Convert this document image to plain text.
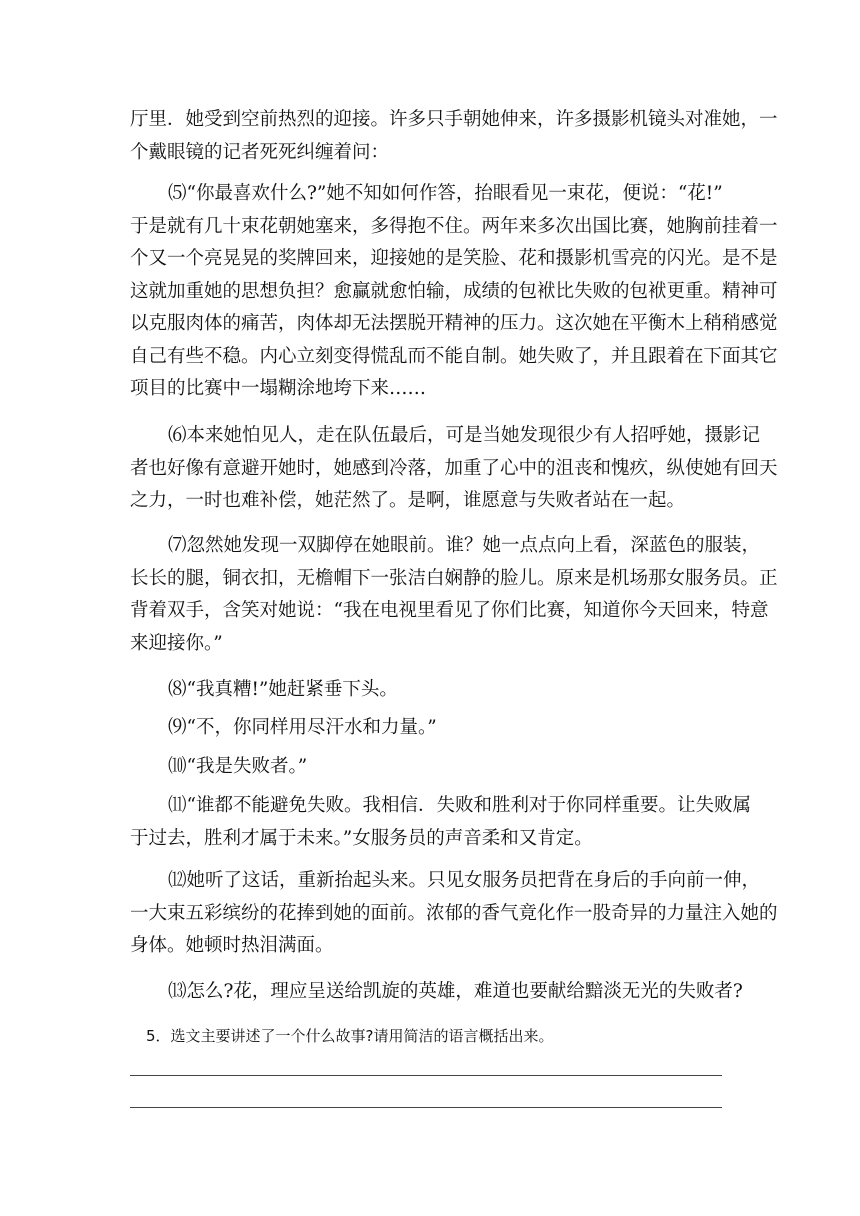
厅里．她受到空前热烈的迎接。许多只手朝她伸来，许多摄影机镜头对准她，一
个戴眼镜的记者死死纠缠着问：
⑸“你最喜欢什么?”她不知如何作答，抬眼看见一束花，便说：“花!”
于是就有几十束花朝她塞来，多得抱不住。两年来多次出国比赛，她胸前挂着一
个又一个亮晃晃的奖牌回来，迎接她的是笑脸、花和摄影机雪亮的闪光。是不是
这就加重她的思想负担？愈赢就愈怕输，成绩的包袱比失败的包袱更重。精神可
以克服肉体的痛苦，肉体却无法摆脱开精神的压力。这次她在平衡木上稍稍感觉
自己有些不稳。内心立刻变得慌乱而不能自制。她失败了，并且跟着在下面其它
项目的比赛中一塌糊涂地垮下来……
⑹本来她怕见人，走在队伍最后，可是当她发现很少有人招呼她，摄影记
者也好像有意避开她时，她感到冷落，加重了心中的沮丧和愧疚，纵使她有回天
之力，一时也难补偿，她茫然了。是啊，谁愿意与失败者站在一起。
⑺忽然她发现一双脚停在她眼前。谁？她一点点向上看，深蓝色的服装，
长长的腿，铜衣扣，无檐帽下一张洁白娴静的脸儿。原来是机场那女服务员。正
背着双手，含笑对她说：“我在电视里看见了你们比赛，知道你今天回来，特意
来迎接你。”
⑻“我真糟!”她赶紧垂下头。
⑼“不，你同样用尽汗水和力量。”
⑽“我是失败者。”
⑾“谁都不能避免失败。我相信．失败和胜利对于你同样重要。让失败属
于过去，胜利才属于未来。”女服务员的声音柔和又肯定。
⑿她听了这话，重新抬起头来。只见女服务员把背在身后的手向前一伸，
一大束五彩缤纷的花捧到她的面前。浓郁的香气竟化作一股奇异的力量注入她的
身体。她顿时热泪满面。
⒀怎么?花，理应呈送给凯旋的英雄，难道也要献给黯淡无光的失败者?
5．选文主要讲述了一个什么故事?请用简洁的语言概括出来。
